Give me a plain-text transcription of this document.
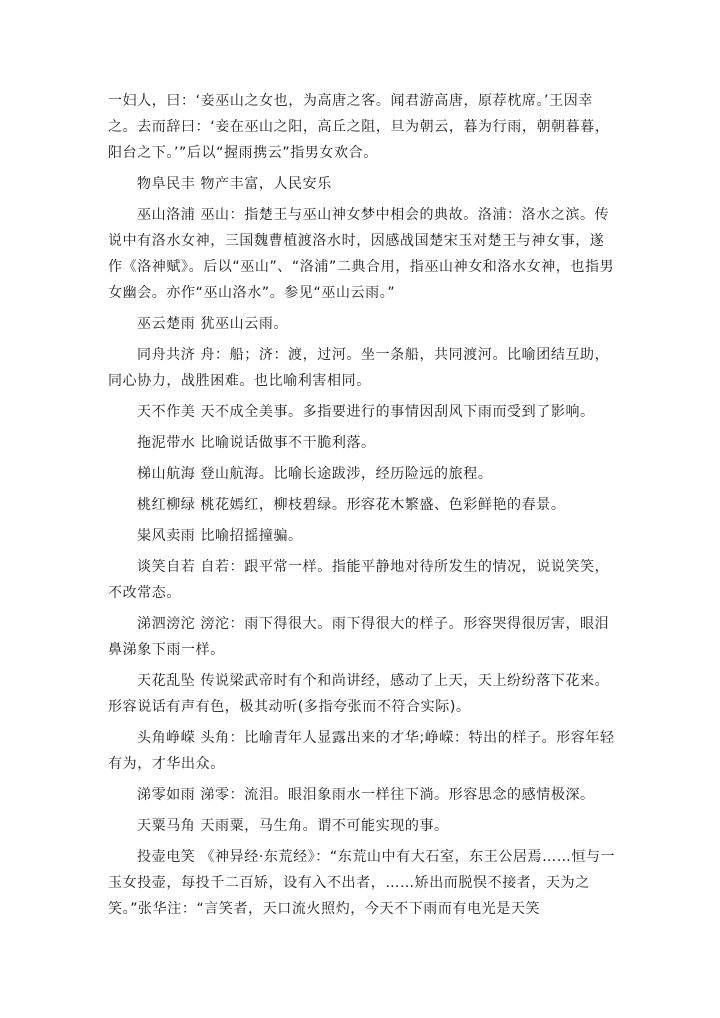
一妇人，曰：‘妾巫山之女也，为高唐之客。闻君游高唐，原荐枕席。’王因幸之。去而辞曰：‘妾在巫山之阳，高丘之阻，旦为朝云，暮为行雨，朝朝暮暮，阳台之下。’”后以“握雨携云”指男女欢合。

物阜民丰 物产丰富，人民安乐

巫山洛浦 巫山：指楚王与巫山神女梦中相会的典故。洛浦：洛水之滨。传说中有洛水女神，三国魏曹植渡洛水时，因感战国楚宋玉对楚王与神女事，遂作《洛神赋》。后以“巫山”、“洛浦”二典合用，指巫山神女和洛水女神，也指男女幽会。亦作“巫山洛水”。参见“巫山云雨。”

巫云楚雨 犹巫山云雨。

同舟共济 舟：船；济：渡，过河。坐一条船，共同渡河。比喻团结互助，同心协力，战胜困难。也比喻利害相同。

天不作美 天不成全美事。多指要进行的事情因刮风下雨而受到了影响。

拖泥带水 比喻说话做事不干脆利落。

梯山航海 登山航海。比喻长途跋涉，经历险远的旅程。

桃红柳绿 桃花嫣红，柳枝碧绿。形容花木繁盛、色彩鲜艳的春景。

粜风卖雨 比喻招摇撞骗。

谈笑自若 自若：跟平常一样。指能平静地对待所发生的情况，说说笑笑，不改常态。

涕泗滂沱 滂沱：雨下得很大。雨下得很大的样子。形容哭得很厉害，眼泪鼻涕象下雨一样。

天花乱坠 传说梁武帝时有个和尚讲经，感动了上天，天上纷纷落下花来。形容说话有声有色，极其动听(多指夸张而不符合实际)。

头角峥嵘 头角：比喻青年人显露出来的才华;峥嵘：特出的样子。形容年轻有为，才华出众。

涕零如雨 涕零：流泪。眼泪象雨水一样往下淌。形容思念的感情极深。

天粟马角 天雨粟，马生角。谓不可能实现的事。

投壶电笑 《神异经·东荒经》：“东荒山中有大石室，东王公居焉……恒与一玉女投壶，每投千二百矫，设有入不出者，……矫出而脱悮不接者，天为之笑。”张华注：“言笑者，天口流火照灼，今天不下雨而有电光是天笑
